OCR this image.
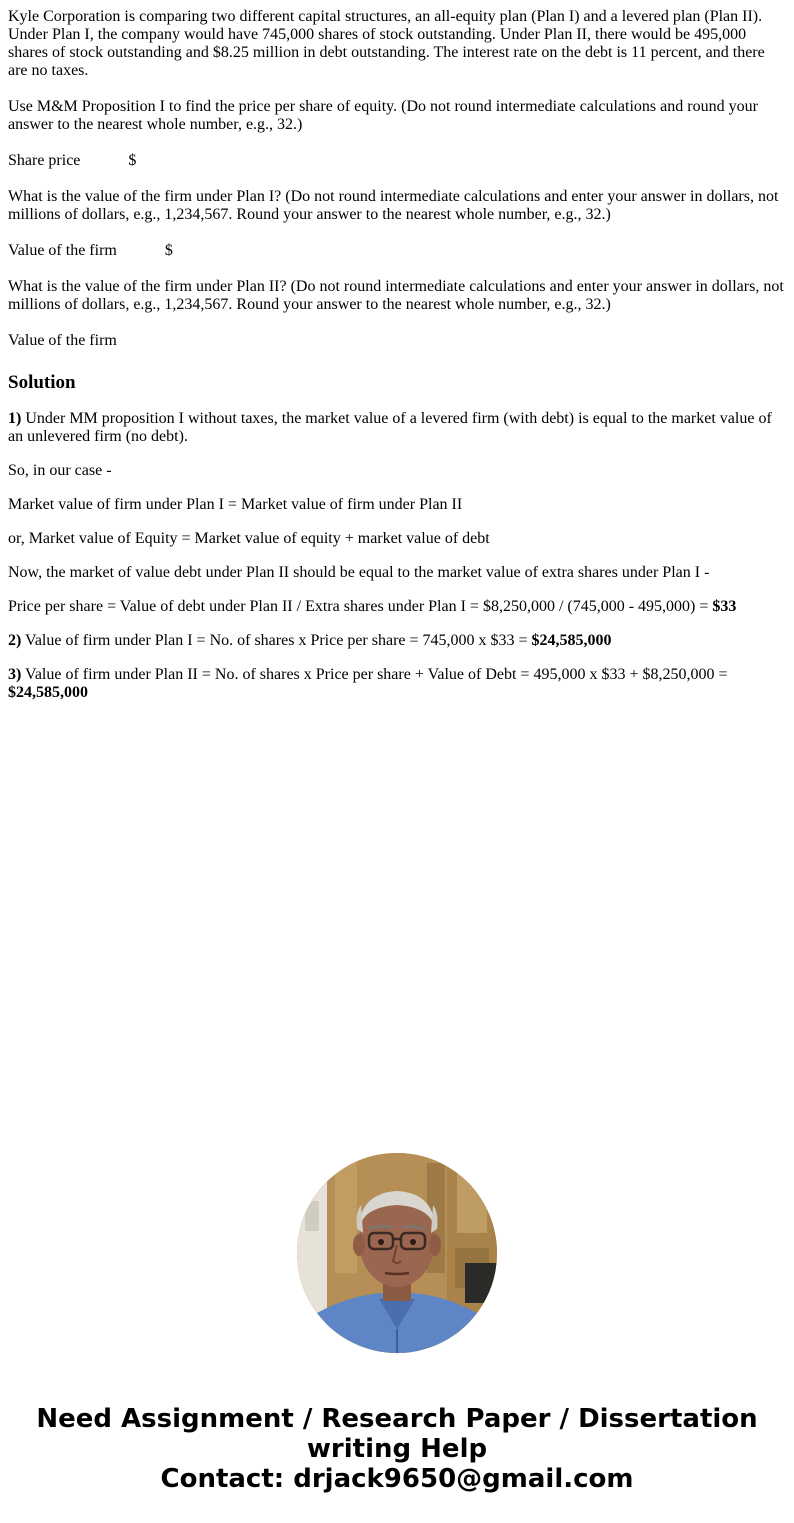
Kyle Corporation is comparing two different capital structures, an all-equity plan (Plan I) and a levered plan (Plan II). Under Plan I, the company would have 745,000 shares of stock outstanding. Under Plan II, there would be 495,000 shares of stock outstanding and $8.25 million in debt outstanding. The interest rate on the debt is 11 percent, and there are no taxes.

Use M&M Proposition I to find the price per share of equity. (Do not round intermediate calculations and round your answer to the nearest whole number, e.g., 32.)

Share price	$

What is the value of the firm under Plan I? (Do not round intermediate calculations and enter your answer in dollars, not millions of dollars, e.g., 1,234,567. Round your answer to the nearest whole number, e.g., 32.)

Value of the firm	$

What is the value of the firm under Plan II? (Do not round intermediate calculations and enter your answer in dollars, not millions of dollars, e.g., 1,234,567. Round your answer to the nearest whole number, e.g., 32.)

Value of the firm

Solution

1) Under MM proposition I without taxes, the market value of a levered firm (with debt) is equal to the market value of an unlevered firm (no debt).

So, in our case -

Market value of firm under Plan I = Market value of firm under Plan II

or, Market value of Equity = Market value of equity + market value of debt

Now, the market of value debt under Plan II should be equal to the market value of extra shares under Plan I -

Price per share = Value of debt under Plan II / Extra shares under Plan I = $8,250,000 / (745,000 - 495,000) = $33

2) Value of firm under Plan I = No. of shares x Price per share = 745,000 x $33 = $24,585,000

3) Value of firm under Plan II = No. of shares x Price per share + Value of Debt = 495,000 x $33 + $8,250,000 = $24,585,000

Need Assignment / Research Paper / Dissertation
writing Help
Contact: drjack9650@gmail.com
